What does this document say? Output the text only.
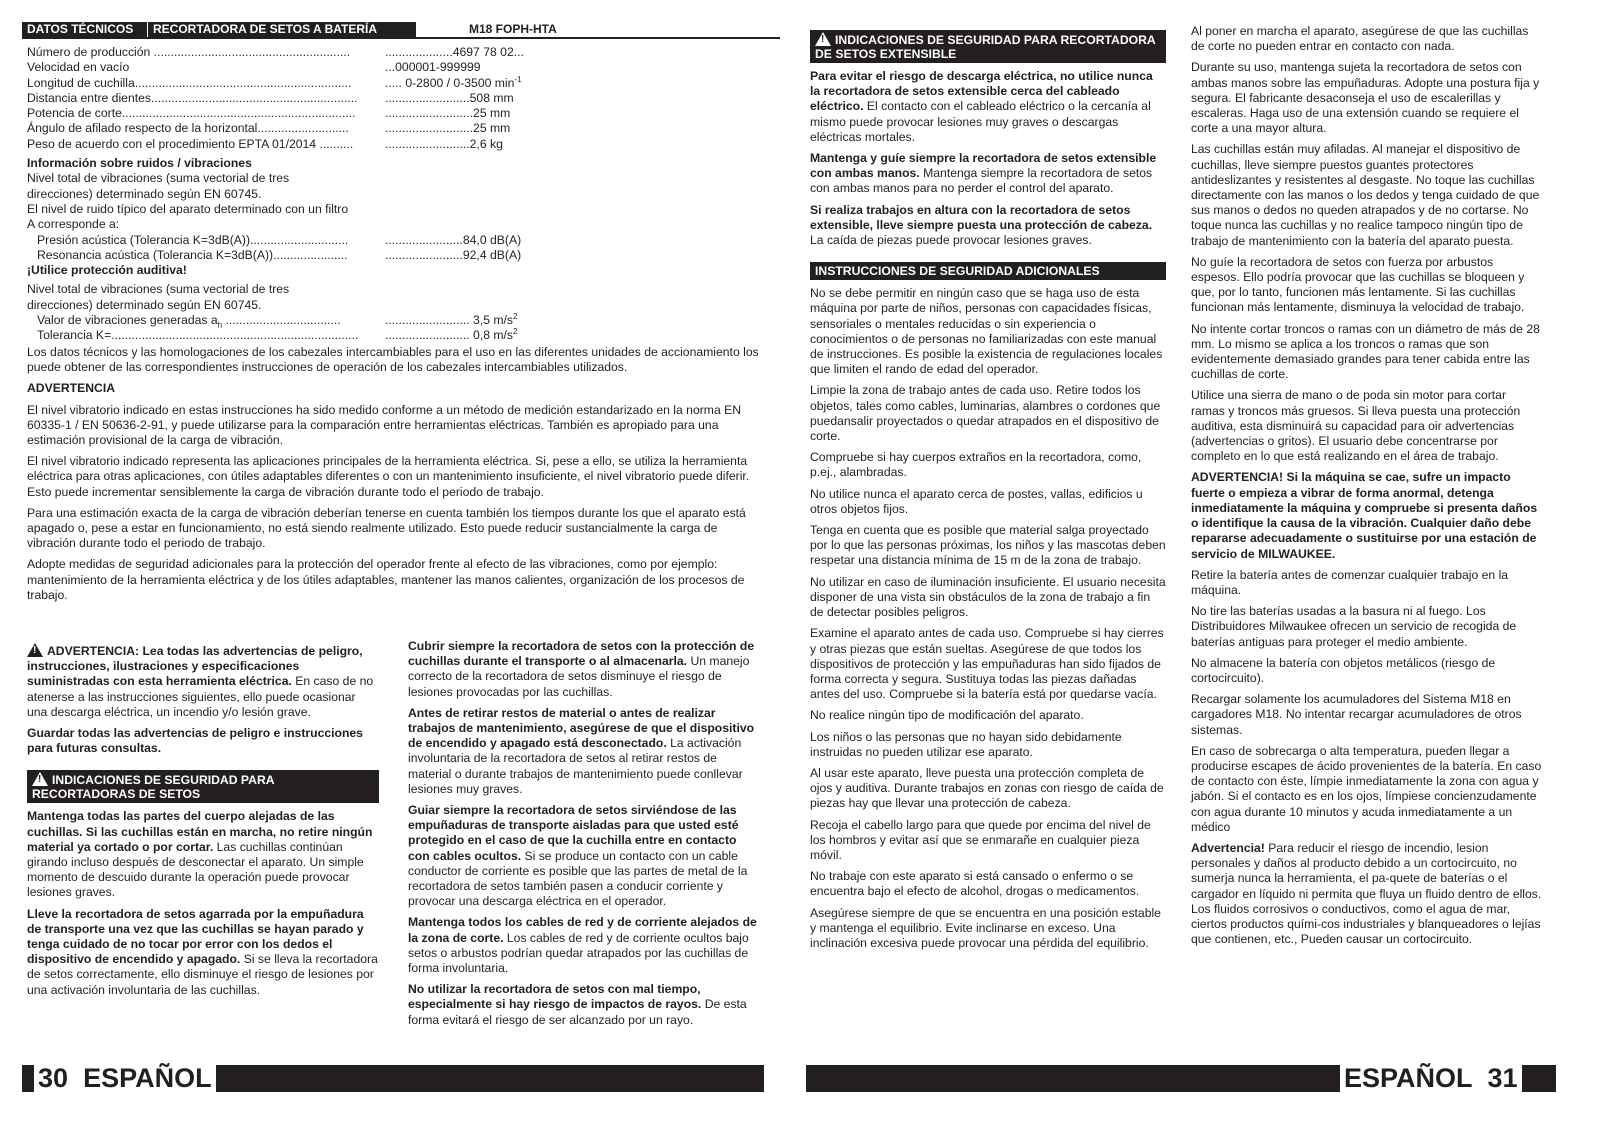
DATOS TÉCNICOS	RECORTADORA DE SETOS A BATERÍA	M18 FOPH-HTA
Número de producción ..........................................................	....................4697 78 02...
Velocidad en vacío	...000001-999999
Longitud de cuchilla................................................................	..... 0-2800 / 0-3500 $\min^{-1}$
Distancia entre dientes............................................................. .........................508 mm
Potencia de corte..................................................................... ..........................25 mm
Ángulo de afilado respecto de la horizontal...........................	..........................25 mm
Peso de acuerdo con el procedimiento EPTA 01/2014 ..........	.........................2,6 kg
Información sobre ruidos / vibraciones
Nivel total de vibraciones (suma vectorial de tres
direcciones) determinado según EN 60745.
El nivel de ruido típico del aparato determinado con un filtro
A corresponde a:
Presión acústica (Tolerancia K=3dB(A)).............................	.......................84,0 dB(A)
Resonancia acústica (Tolerancia K=3dB(A))......................	.......................92,4 dB(A)
¡Utilice protección auditiva!
Nivel total de vibraciones (suma vectorial de tres
direcciones) determinado según EN 60745.
Valor de vibraciones generadas $a_h$ ..................................	......................... 3,5 $m/s^2$
Tolerancia K=......................................................................... ......................... 0,8 $m/s^2$

Los datos técnicos y las homologaciones de los cabezales intercambiables para el uso en las diferentes unidades de accionamiento los puede obtener de las correspondientes instrucciones de operación de los cabezales intercambiables utilizados.

ADVERTENCIA

El nivel vibratorio indicado en estas instrucciones ha sido medido conforme a un método de medición estandarizado en la norma EN 60335-1 / EN 50636-2-91, y puede utilizarse para la comparación entre herramientas eléctricas. También es apropiado para una estimación provisional de la carga de vibración.

El nivel vibratorio indicado representa las aplicaciones principales de la herramienta eléctrica. Si, pese a ello, se utiliza la herramienta eléctrica para otras aplicaciones, con útiles adaptables diferentes o con un mantenimiento insuficiente, el nivel vibratorio puede diferir. Esto puede incrementar sensiblemente la carga de vibración durante todo el periodo de trabajo.

Para una estimación exacta de la carga de vibración deberían tenerse en cuenta también los tiempos durante los que el aparato está apagado o, pese a estar en funcionamiento, no está siendo realmente utilizado. Esto puede reducir sustancialmente la carga de vibración durante todo el periodo de trabajo.

Adopte medidas de seguridad adicionales para la protección del operador frente al efecto de las vibraciones, como por ejemplo: mantenimiento de la herramienta eléctrica y de los útiles adaptables, mantener las manos calientes, organización de los procesos de trabajo.

!ADVERTENCIA: Lea todas las advertencias de peligro, instrucciones, ilustraciones y especificaciones suministradas con esta herramienta eléctrica. En caso de no atenerse a las instrucciones siguientes, ello puede ocasionar una descarga eléctrica, un incendio y/o lesión grave.

Guardar todas las advertencias de peligro e instrucciones para futuras consultas.

!INDICACIONES DE SEGURIDAD PARA RECORTADORAS DE SETOS

Mantenga todas las partes del cuerpo alejadas de las cuchillas. Si las cuchillas están en marcha, no retire ningún material ya cortado o por cortar. Las cuchillas continúan girando incluso después de desconectar el aparato. Un simple momento de descuido durante la operación puede provocar lesiones graves.

Lleve la recortadora de setos agarrada por la empuñadura de transporte una vez que las cuchillas se hayan parado y tenga cuidado de no tocar por error con los dedos el dispositivo de encendido y apagado. Si se lleva la recortadora de setos correctamente, ello disminuye el riesgo de lesiones por una activación involuntaria de las cuchillas.

Cubrir siempre la recortadora de setos con la protección de cuchillas durante el transporte o al almacenarla. Un manejo correcto de la recortadora de setos disminuye el riesgo de lesiones provocadas por las cuchillas.

Antes de retirar restos de material o antes de realizar trabajos de mantenimiento, asegúrese de que el dispositivo de encendido y apagado está desconectado. La activación involuntaria de la recortadora de setos al retirar restos de material o durante trabajos de mantenimiento puede conllevar lesiones muy graves.

Guiar siempre la recortadora de setos sirviéndose de las empuñaduras de transporte aisladas para que usted esté protegido en el caso de que la cuchilla entre en contacto con cables ocultos. Si se produce un contacto con un cable conductor de corriente es posible que las partes de metal de la recortadora de setos también pasen a conducir corriente y provocar una descarga eléctrica en el operador.

Mantenga todos los cables de red y de corriente alejados de la zona de corte. Los cables de red y de corriente ocultos bajo setos o arbustos podrían quedar atrapados por las cuchillas de forma involuntaria.

No utilizar la recortadora de setos con mal tiempo, especialmente si hay riesgo de impactos de rayos. De esta forma evitará el riesgo de ser alcanzado por un rayo.

30 ESPAÑOL
!INDICACIONES DE SEGURIDAD PARA RECORTADORA DE SETOS EXTENSIBLE

Para evitar el riesgo de descarga eléctrica, no utilice nunca la recortadora de setos extensible cerca del cableado eléctrico. El contacto con el cableado eléctrico o la cercanía al mismo puede provocar lesiones muy graves o descargas eléctricas mortales.

Mantenga y guíe siempre la recortadora de setos extensible con ambas manos. Mantenga siempre la recortadora de setos con ambas manos para no perder el control del aparato.

Si realiza trabajos en altura con la recortadora de setos extensible, lleve siempre puesta una protección de cabeza. La caída de piezas puede provocar lesiones graves.

INSTRUCCIONES DE SEGURIDAD ADICIONALES

No se debe permitir en ningún caso que se haga uso de esta máquina por parte de niños, personas con capacidades físicas, sensoriales o mentales reducidas o sin experiencia o conocimientos o de personas no familiarizadas con este manual de instrucciones. Es posible la existencia de regulaciones locales que limiten el rando de edad del operador.

Limpie la zona de trabajo antes de cada uso. Retire todos los objetos, tales como cables, luminarias, alambres o cordones que puedansalir proyectados o quedar atrapados en el dispositivo de corte.

Compruebe si hay cuerpos extraños en la recortadora, como, p.ej., alambradas.

No utilice nunca el aparato cerca de postes, vallas, edificios u otros objetos fijos.

Tenga en cuenta que es posible que material salga proyectado por lo que las personas próximas, los niños y las mascotas deben respetar una distancia mínima de 15 m de la zona de trabajo.

No utilizar en caso de iluminación insuficiente. El usuario necesita disponer de una vista sin obstáculos de la zona de trabajo a fin de detectar posibles peligros.

Examine el aparato antes de cada uso. Compruebe si hay cierres y otras piezas que están sueltas. Asegúrese de que todos los dispositivos de protección y las empuñaduras han sido fijados de forma correcta y segura. Sustituya todas las piezas dañadas antes del uso. Compruebe si la batería está por quedarse vacía.

No realice ningún tipo de modificación del aparato.

Los niños o las personas que no hayan sido debidamente instruidas no pueden utilizar ese aparato.

Al usar este aparato, lleve puesta una protección completa de ojos y auditiva. Durante trabajos en zonas con riesgo de caída de piezas hay que llevar una protección de cabeza.

Recoja el cabello largo para que quede por encima del nivel de los hombros y evitar así que se enmarañe en cualquier pieza móvil.

No trabaje con este aparato si está cansado o enfermo o se encuentra bajo el efecto de alcohol, drogas o medicamentos.

Asegúrese siempre de que se encuentra en una posición estable y mantenga el equilibrio. Evite inclinarse en exceso. Una inclinación excesiva puede provocar una pérdida del equilibrio.

Al poner en marcha el aparato, asegúrese de que las cuchillas de corte no pueden entrar en contacto con nada.

Durante su uso, mantenga sujeta la recortadora de setos con ambas manos sobre las empuñaduras. Adopte una postura fija y segura. El fabricante desaconseja el uso de escalerillas y escaleras. Haga uso de una extensión cuando se requiere el corte a una mayor altura.

Las cuchillas están muy afiladas. Al manejar el dispositivo de cuchillas, lleve siempre puestos guantes protectores antideslizantes y resistentes al desgaste. No toque las cuchillas directamente con las manos o los dedos y tenga cuidado de que sus manos o dedos no queden atrapados y de no cortarse. No toque nunca las cuchillas y no realice tampoco ningún tipo de trabajo de mantenimiento con la batería del aparato puesta.

No guíe la recortadora de setos con fuerza por arbustos espesos. Ello podría provocar que las cuchillas se bloqueen y que, por lo tanto, funcionen más lentamente. Si las cuchillas funcionan más lentamente, disminuya la velocidad de trabajo.

No intente cortar troncos o ramas con un diámetro de más de 28 mm. Lo mismo se aplica a los troncos o ramas que son evidentemente demasiado grandes para tener cabida entre las cuchillas de corte.

Utilice una sierra de mano o de poda sin motor para cortar ramas y troncos más gruesos. Si lleva puesta una protección auditiva, esta disminuirá su capacidad para oir advertencias (advertencias o gritos). El usuario debe concentrarse por completo en lo que está realizando en el área de trabajo.

ADVERTENCIA! Si la máquina se cae, sufre un impacto fuerte o empieza a vibrar de forma anormal, detenga inmediatamente la máquina y compruebe si presenta daños o identifique la causa de la vibración. Cualquier daño debe repararse adecuadamente o sustituirse por una estación de servicio de MILWAUKEE.

Retire la batería antes de comenzar cualquier trabajo en la máquina.

No tire las baterías usadas a la basura ni al fuego. Los Distribuidores Milwaukee ofrecen un servicio de recogida de baterías antiguas para proteger el medio ambiente.

No almacene la batería con objetos metálicos (riesgo de cortocircuito).

Recargar solamente los acumuladores del Sistema M18 en cargadores M18. No intentar recargar acumuladores de otros sistemas.

En caso de sobrecarga o alta temperatura, pueden llegar a producirse escapes de ácido provenientes de la batería. En caso de contacto con éste, límpie inmediatamente la zona con agua y jabón. Si el contacto es en los ojos, límpiese concienzudamente con agua durante 10 minutos y acuda inmediatamente a un médico

Advertencia! Para reducir el riesgo de incendio, lesion personales y daños al producto debido a un cortocircuito, no sumerja nunca la herramienta, el pa-quete de baterías o el cargador en líquido ni permita que fluya un fluido dentro de ellos. Los fluidos corrosivos o conductivos, como el agua de mar, ciertos productos quími-cos industriales y blanqueadores o lejías que contienen, etc., Pueden causar un cortocircuito.

ESPAÑOL 31
